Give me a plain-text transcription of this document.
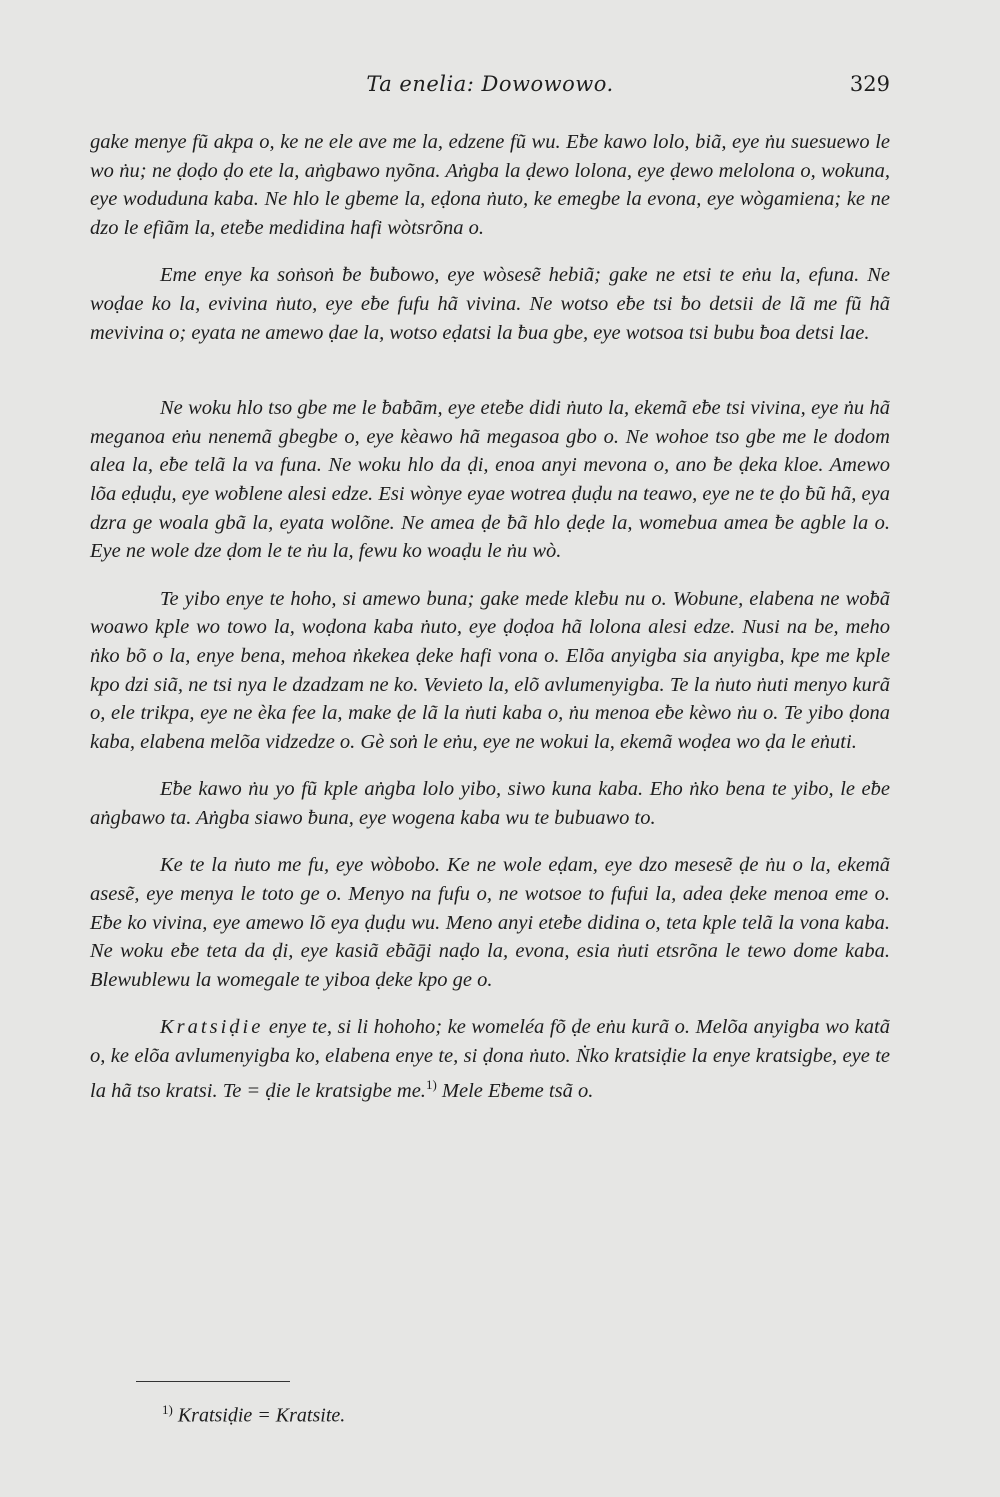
Ta enelia: Dowowowo.	329

gake menye fũ akpa o, ke ne ele ave me la, edzene fũ wu. Eƀe kawo lolo, biã, eye ṅu suesuewo le wo ṅu; ne ḍoḍo ḍo ete la, aṅgbawo nyõna. Aṅgba la ḍewo lolona, eye ḍewo melolona o, wokuna, eye woduduna kaba. Ne hlo le gbeme la, eḍona ṅuto, ke emegbe la evona, eye wògamiena; ke ne dzo le efiãm la, eteƀe medidina hafi wòtsrõna o.

Eme enye ka soṅsoṅ ƀe ƀuƀowo, eye wòsesẽ hebiã; gake ne etsi te eṅu la, efuna. Ne woḍae ko la, evivina ṅuto, eye eƀe fufu hã vivina. Ne wotso eƀe tsi ƀo detsii de lã me fũ hã mevivina o; eyata ne amewo ḍae la, wotso eḍatsi la ƀua gbe, eye wotsoa tsi bubu ƀoa detsi lae.

Ne woku hlo tso gbe me le ƀaƀãm, eye eteƀe didi ṅuto la, ekemã eƀe tsi vivina, eye ṅu hã meganoa eṅu nenemã gbegbe o, eye kèawo hã megasoa gbo o. Ne wohoe tso gbe me le dodom alea la, eƀe telã la va funa. Ne woku hlo da ḍi, enoa anyi mevona o, ano ƀe ḍeka kloe. Amewo lõa eḍuḍu, eye woƀlene alesi edze. Esi wònye eyae wotrea ḍuḍu na teawo, eye ne te ḍo ƀũ hã, eya dzra ge woala gbã la, eyata wolõne. Ne amea ḍe ƀã hlo ḍeḍe la, womebua amea ƀe agble la o. Eye ne wole dze ḍom le te ṅu la, fewu ko woaḍu le ṅu wò.

Te yibo enye te hoho, si amewo buna; gake mede kleƀu nu o. Wobune, elabena ne woƀã woawo kple wo towo la, woḍona kaba ṅuto, eye ḍoḍoa hã lolona alesi edze. Nusi na be, meho ṅko bõ o la, enye bena, mehoa ṅkekea ḍeke hafi vona o. Elõa anyigba sia anyigba, kpe me kple kpo dzi siã, ne tsi nya le dzadzam ne ko. Vevieto la, elõ avlumenyigba. Te la ṅuto ṅuti menyo kurã o, ele trikpa, eye ne èka fee la, make ḍe lã la ṅuti kaba o, ṅu menoa eƀe kèwo ṅu o. Te yibo ḍona kaba, elabena melõa vidzedze o. Gè soṅ le eṅu, eye ne wokui la, ekemã woḍea wo ḍa le eṅuti.

Eƀe kawo ṅu yo fũ kple aṅgba lolo yibo, siwo kuna kaba. Eho ṅko bena te yibo, le eƀe aṅgbawo ta. Aṅgba siawo ƀuna, eye wogena kaba wu te bubuawo to.

Ke te la ṅuto me fu, eye wòbobo. Ke ne wole eḍam, eye dzo mesesẽ ḍe ṅu o la, ekemã asesẽ, eye menya le toto ge o. Menyo na fufu o, ne wotsoe to fufui la, adea ḍeke menoa eme o. Eƀe ko vivina, eye amewo lõ eya ḍuḍu wu. Meno anyi eteƀe didina o, teta kple telã la vona kaba. Ne woku eƀe teta da ḍi, eye kasiã eƀãḡi naḍo la, evona, esia ṅuti etsrõna le tewo dome kaba. Blewublewu la womegale te yiboa ḍeke kpo ge o.

Kratsiḍie enye te, si li hohoho; ke womeléa fõ ḍe eṅu kurã o. Melõa anyigba wo katã o, ke elõa avlumenyigba ko, elabena enye te, si ḍona ṅuto. Ṅko kratsiḍie la enye kratsigbe, eye te la hã tso kratsi. Te = ḍie le kratsigbe me.$^{1)}$ Mele Eƀeme tsã o.

$^{1)}$ Kratsiḍie = Kratsite.
